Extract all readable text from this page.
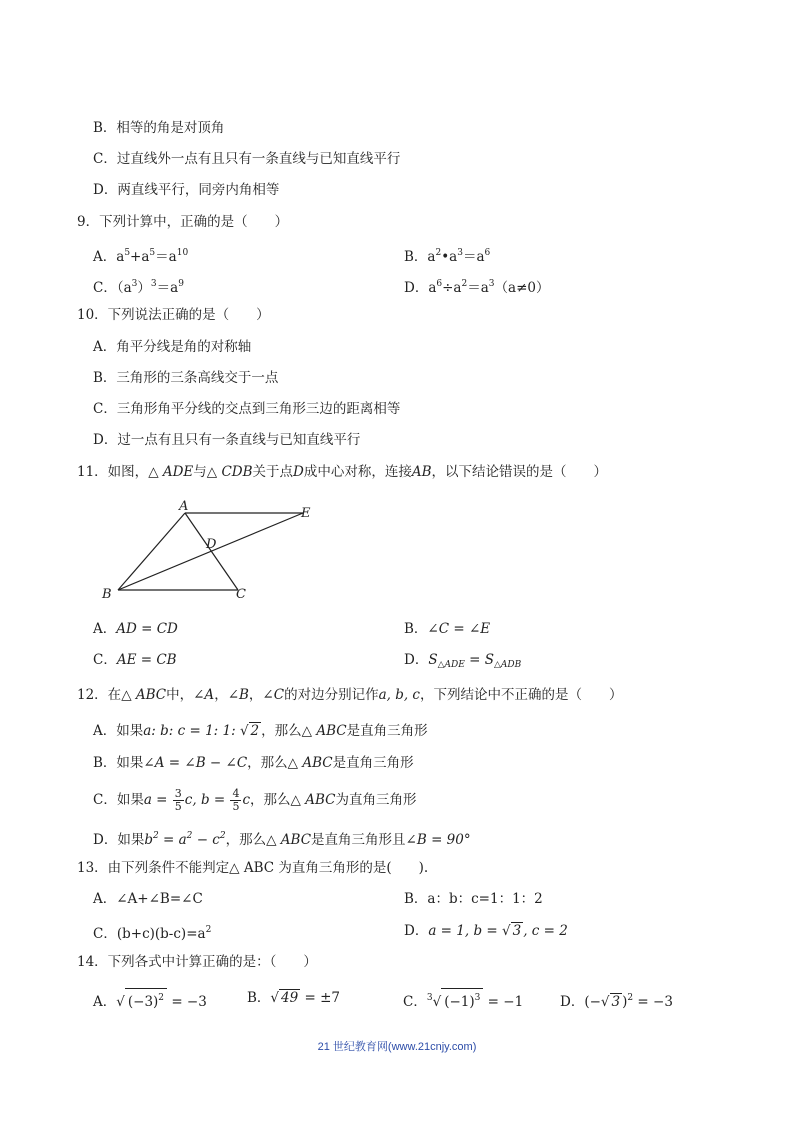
B．相等的角是对顶角
C．过直线外一点有且只有一条直线与已知直线平行
D．两直线平行，同旁内角相等
9．下列计算中，正确的是（　　）
A．$a^5+a^5=a^{10}$	B．$a^2•a^3=a^6$
C．$(a^3)^3=a^9$	D．$a^6\div a^2=a^3(a\ne 0)$
10．下列说法正确的是（　　）
A．角平分线是角的对称轴
B．三角形的三条高线交于一点
C．三角形角平分线的交点到三角形三边的距离相等
D．过一点有且只有一条直线与已知直线平行
11．如图，△ ADE与△ CDB关于点D成中心对称，连接AB，以下结论错误的是（　　）
A	E
D
B	C
A．AD = CD	B．∠C = ∠E
C．AE = CB	D．$S_{\triangle ADE} = S_{\triangle ADB}$
12．在△ ABC中，∠A，∠B，∠C的对边分别记作a, b, c，下列结论中不正确的是（　　）
A．如果a: b: c = 1: 1: √ 2 ，那么△ ABC是直角三角形
B．如果∠A = ∠B − ∠C，那么△ ABC是直角三角形
C．如果$a = \frac{3}{5} c$, $b = \frac{4}{5}$ c，那么△ ABC为直角三角形
D．如果$b^2 = a^2 - c^2$，那么△ ABC是直角三角形且∠B = 90°
13．由下列条件不能判定△ ABC 为直角三角形的是(　　).
A．∠A+∠B=∠C	B．a：b：c=1：1：2
C．$(b+c)(b-c)=a^2$	D．a = 1, b = √ 3 , c = 2
14．下列各式中计算正确的是：（　　）
A．√ $(-3)^2 = -3$	B．√ 49 = ±7	C．$^3$√ $(-1)^3 = -1$	D．(−√ 3 )$^2$ = −3
21 世纪教育网(www.21cnjy.com)
